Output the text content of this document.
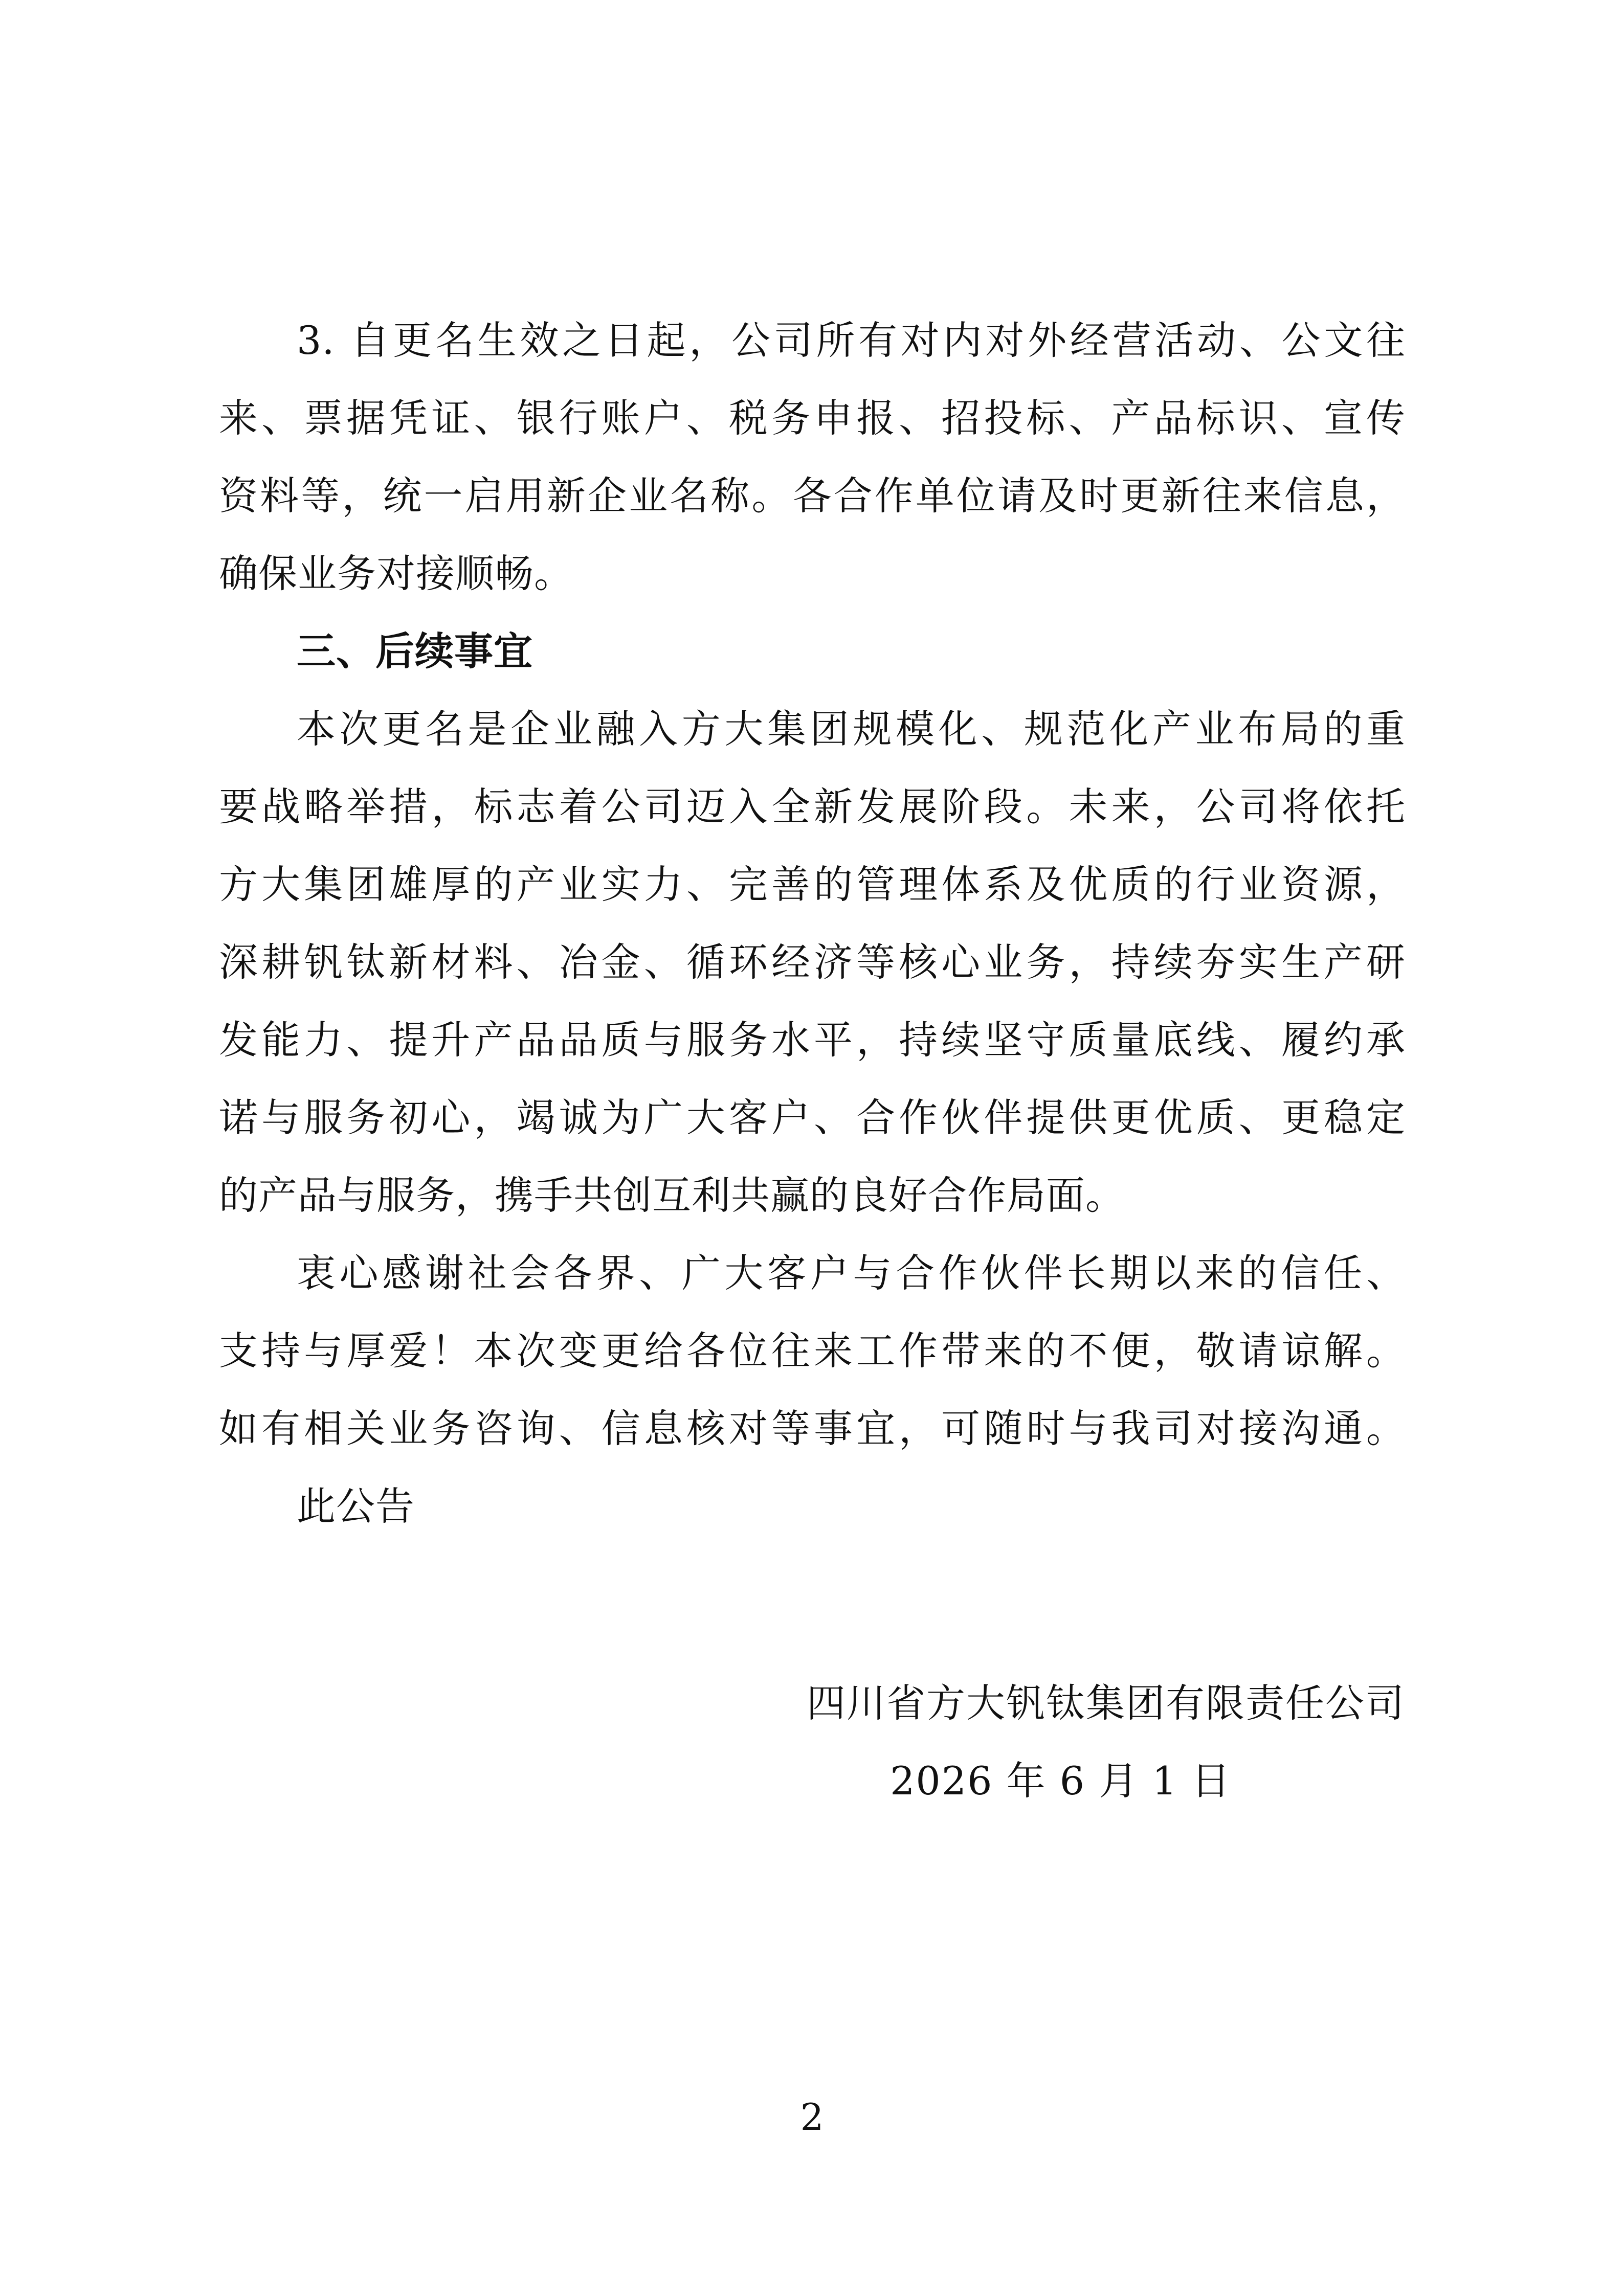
3. 自更名生效之日起，公司所有对内对外经营活动、公文往
来、票据凭证、银行账户、税务申报、招投标、产品标识、宣传
资料等，统一启用新企业名称。各合作单位请及时更新往来信息，
确保业务对接顺畅。
三、后续事宜
本次更名是企业融入方大集团规模化、规范化产业布局的重
要战略举措，标志着公司迈入全新发展阶段。未来，公司将依托
方大集团雄厚的产业实力、完善的管理体系及优质的行业资源，
深耕钒钛新材料、冶金、循环经济等核心业务，持续夯实生产研
发能力、提升产品品质与服务水平，持续坚守质量底线、履约承
诺与服务初心，竭诚为广大客户、合作伙伴提供更优质、更稳定
的产品与服务，携手共创互利共赢的良好合作局面。
衷心感谢社会各界、广大客户与合作伙伴长期以来的信任、
支持与厚爱！本次变更给各位往来工作带来的不便，敬请谅解。
如有相关业务咨询、信息核对等事宜，可随时与我司对接沟通。
此公告
四川省方大钒钛集团有限责任公司
2026 年 6 月 1 日
2
